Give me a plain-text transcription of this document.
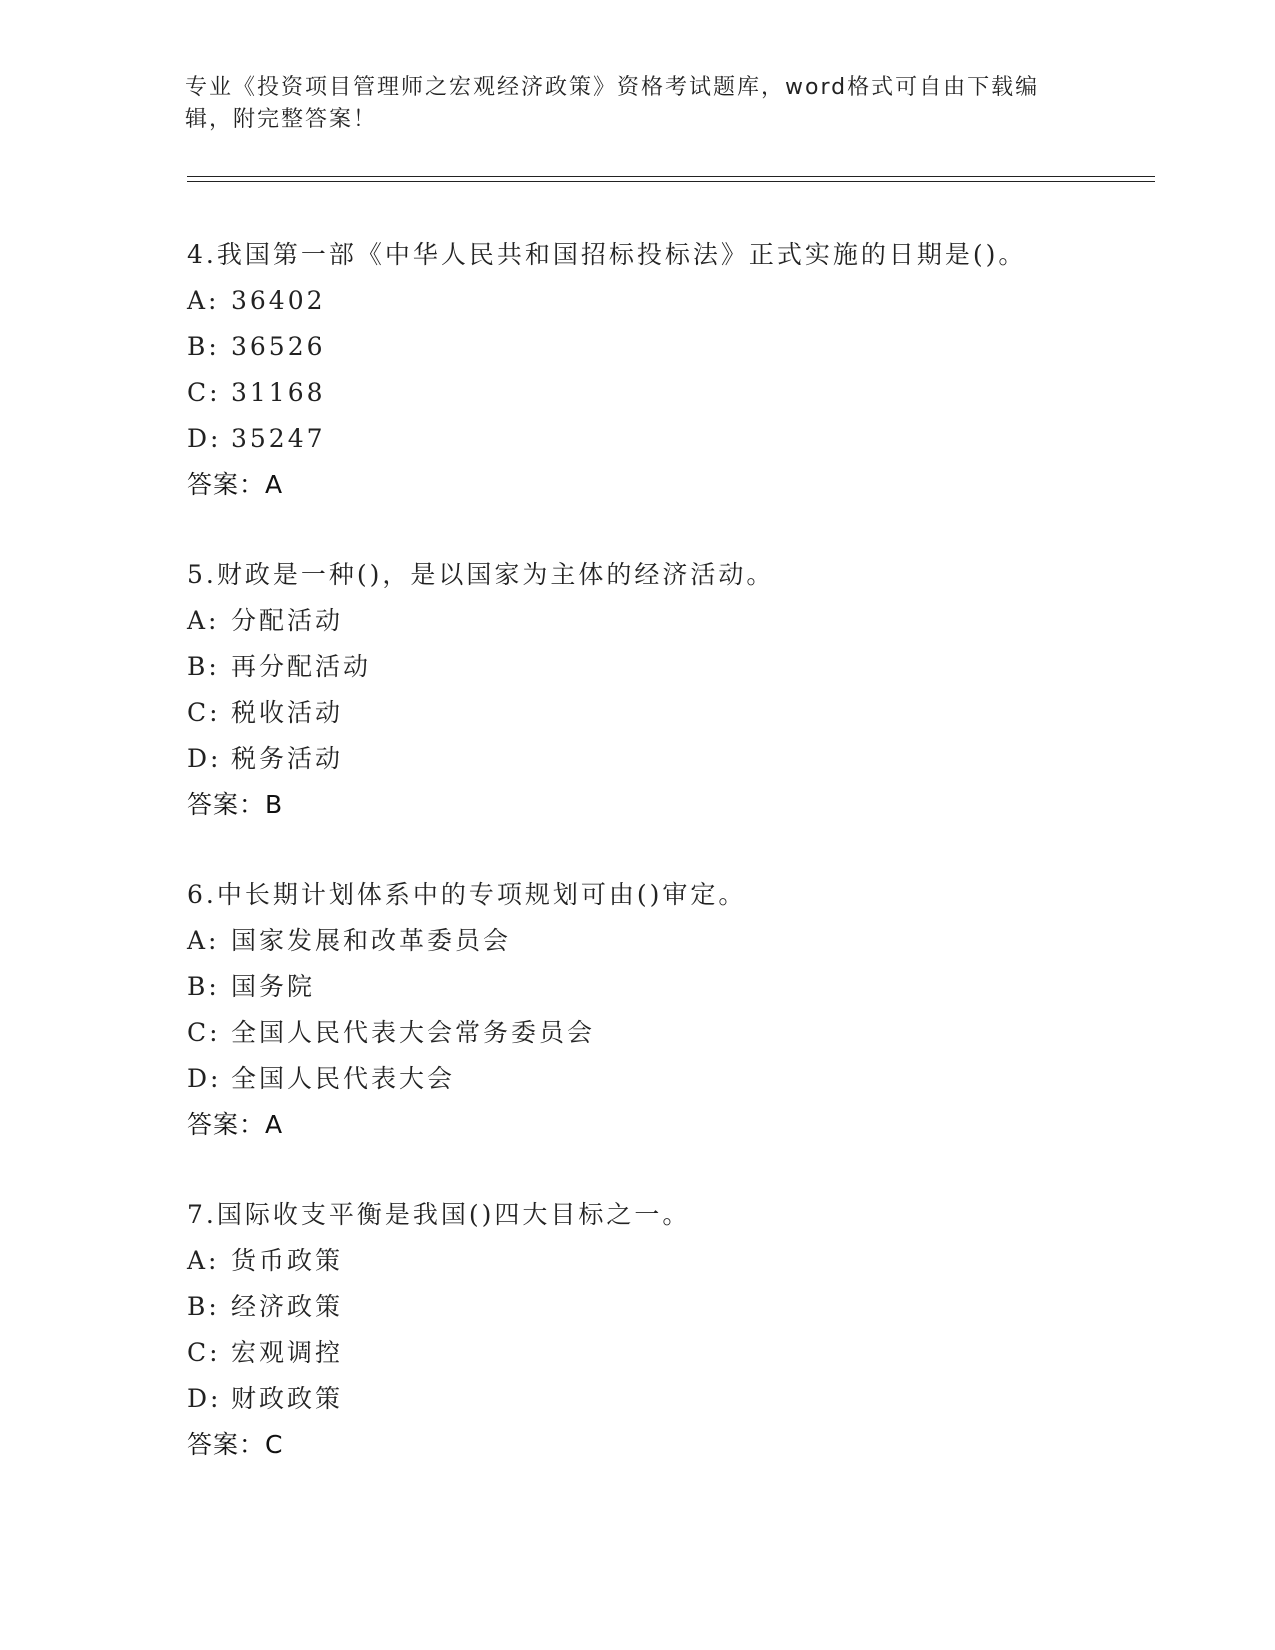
专业《投资项目管理师之宏观经济政策》资格考试题库，word格式可自由下载编
辑，附完整答案！
4.我国第一部《中华人民共和国招标投标法》正式实施的日期是()。
A: 36402
B: 36526
C: 31168
D: 35247
答案：A
5.财政是一种()，是以国家为主体的经济活动。
A: 分配活动
B: 再分配活动
C: 税收活动
D: 税务活动
答案：B
6.中长期计划体系中的专项规划可由()审定。
A: 国家发展和改革委员会
B: 国务院
C: 全国人民代表大会常务委员会
D: 全国人民代表大会
答案：A
7.国际收支平衡是我国()四大目标之一。
A: 货币政策
B: 经济政策
C: 宏观调控
D: 财政政策
答案：C
